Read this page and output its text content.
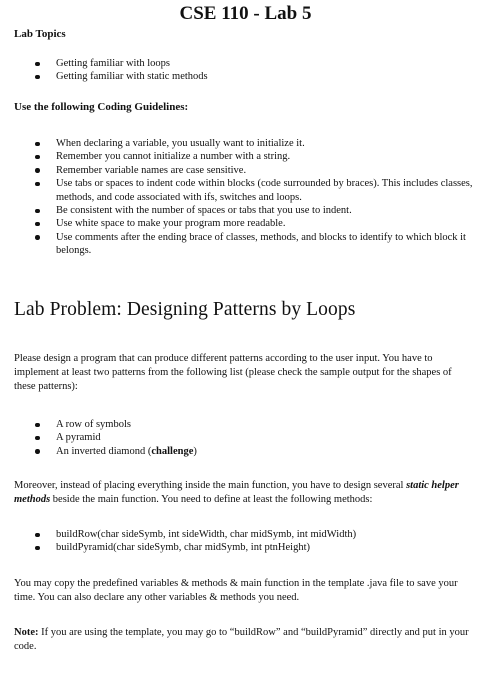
CSE 110 - Lab 5
Lab Topics
Getting familiar with loops
Getting familiar with static methods
Use the following Coding Guidelines:
When declaring a variable, you usually want to initialize it.
Remember you cannot initialize a number with a string.
Remember variable names are case sensitive.
Use tabs or spaces to indent code within blocks (code surrounded by braces). This includes classes, methods, and code associated with ifs, switches and loops.
Be consistent with the number of spaces or tabs that you use to indent.
Use white space to make your program more readable.
Use comments after the ending brace of classes, methods, and blocks to identify to which block it belongs.
Lab Problem: Designing Patterns by Loops

Please design a program that can produce different patterns according to the user input. You have to implement at least two patterns from the following list (please check the sample output for the shapes of these patterns):

A row of symbols
A pyramid
An inverted diamond (challenge)

Moreover, instead of placing everything inside the main function, you have to design several static helper methods beside the main function. You need to define at least the following methods:

buildRow(char sideSymb, int sideWidth, char midSymb, int midWidth)
buildPyramid(char sideSymb, char midSymb, int ptnHeight)

You may copy the predefined variables & methods & main function in the template .java file to save your time. You can also declare any other variables & methods you need.

Note: If you are using the template, you may go to “buildRow” and “buildPyramid” directly and put in your code.
